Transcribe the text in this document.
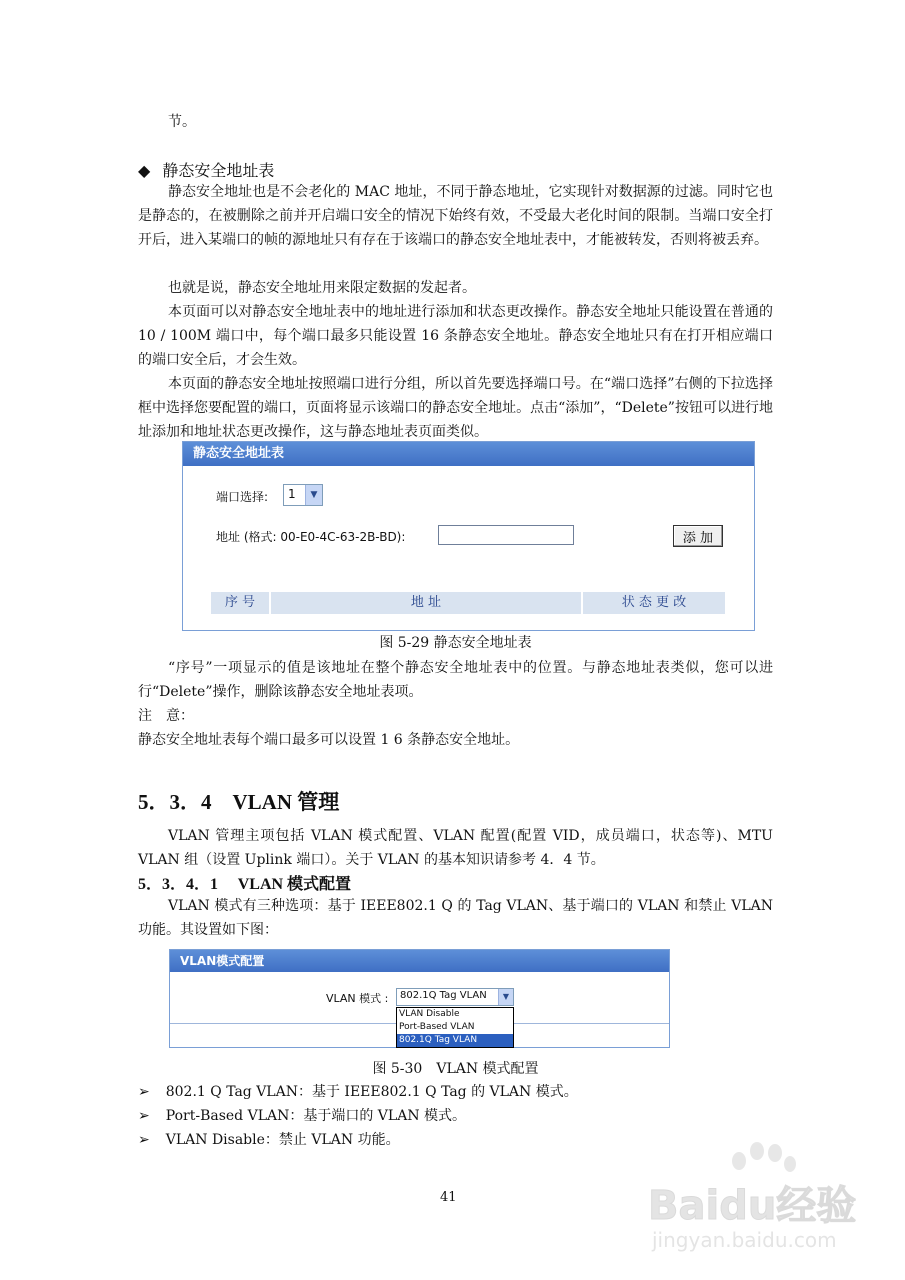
节。

◆ 静态安全地址表

静态安全地址也是不会老化的 MAC 地址，不同于静态地址，它实现针对数据源的过滤。同时它也是静态的，在被删除之前并开启端口安全的情况下始终有效，不受最大老化时间的限制。当端口安全打开后，进入某端口的帧的源地址只有存在于该端口的静态安全地址表中，才能被转发，否则将被丢弃。

也就是说，静态安全地址用来限定数据的发起者。

本页面可以对静态安全地址表中的地址进行添加和状态更改操作。静态安全地址只能设置在普通的 10 / 100M 端口中，每个端口最多只能设置 16 条静态安全地址。静态安全地址只有在打开相应端口的端口安全后，才会生效。

本页面的静态安全地址按照端口进行分组，所以首先要选择端口号。在“端口选择”右侧的下拉选择框中选择您要配置的端口，页面将显示该端口的静态安全地址。点击“添加”，“Delete”按钮可以进行地址添加和地址状态更改操作，这与静态地址表页面类似。

静态安全地址表
端口选择: 1	▼
地址 (格式: 00-E0-4C-63-2B-BD):	添 加
序 号	地 址	状 态 更 改
图 5-29 静态安全地址表

“序号”一项显示的值是该地址在整个静态安全地址表中的位置。与静态地址表类似，您可以进行“Delete”操作，删除该静态安全地址表项。

注　意：

静态安全地址表每个端口最多可以设置 1 6 条静态安全地址。

5．3．4　VLAN 管理

VLAN 管理主项包括 VLAN 模式配置、VLAN 配置(配置 VID，成员端口，状态等)、MTU VLAN 组（设置 Uplink 端口）。关于 VLAN 的基本知识请参考 4．4 节。

5．3．4．1　 VLAN 模式配置

VLAN 模式有三种选项：基于 IEEE802.1 Q 的 Tag VLAN、基于端口的 VLAN 和禁止 VLAN 功能。其设置如下图：

VLAN模式配置
VLAN 模式 : 802.1Q Tag VLAN	▼
VLAN Disable
Port-Based VLAN
802.1Q Tag VLAN
图 5-30　VLAN 模式配置
➢ 802.1 Q Tag VLAN：基于 IEEE802.1 Q Tag 的 VLAN 模式。
➢ Port-Based VLAN：基于端口的 VLAN 模式。
➢ VLAN Disable：禁止 VLAN 功能。
41	Baidu经验
jingyan.baidu.com
